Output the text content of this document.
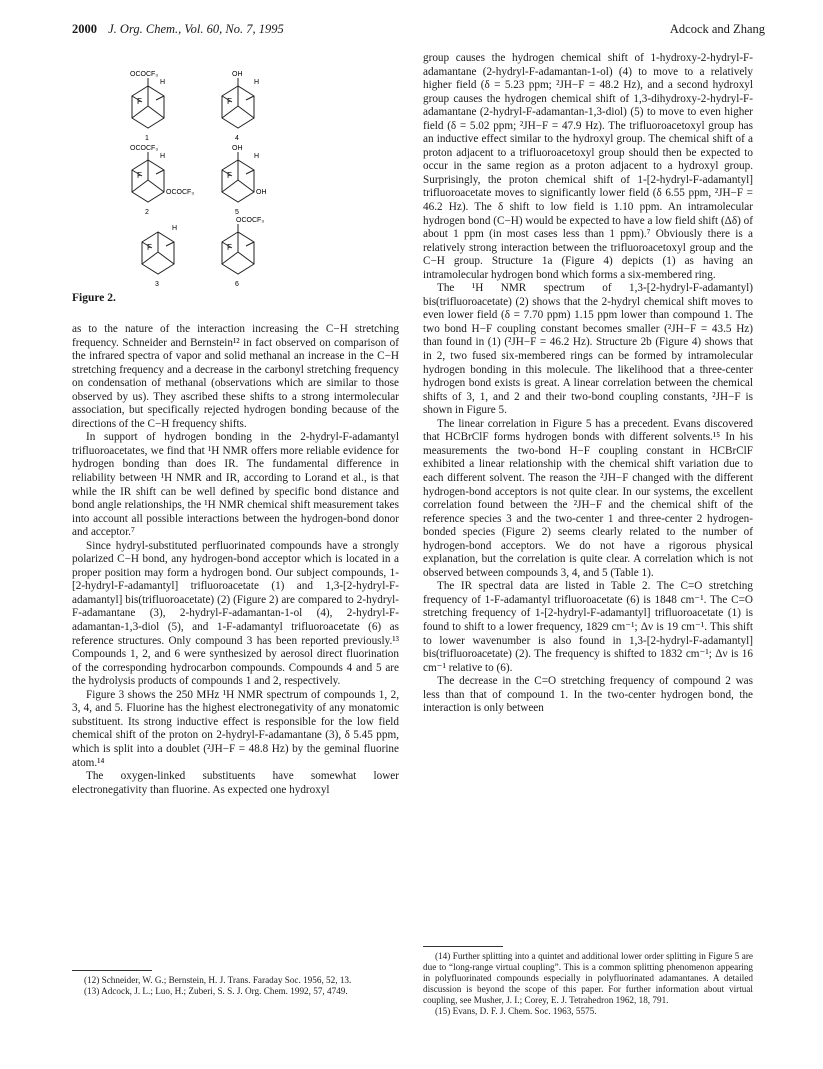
2000 J. Org. Chem., Vol. 60, No. 7, 1995	Adcock and Zhang
F
OCOCF₃
H
1
F
OH
H
4
F
OCOCF₃
H
OCOCF₃
2
F
OH
H
OH
5
F
H
3
F
OCOCF₃
6
Figure 2.

as to the nature of the interaction increasing the C−H stretching frequency. Schneider and Bernstein¹² in fact observed on comparison of the infrared spectra of vapor and solid methanal an increase in the C−H stretching frequency and a decrease in the carbonyl stretching frequency on condensation of methanal (observations which are similar to those observed by us). They ascribed these shifts to a strong intermolecular association, but specifically rejected hydrogen bonding because of the directions of the C−H frequency shifts.

In support of hydrogen bonding in the 2-hydryl-F-adamantyl trifluoroacetates, we find that ¹H NMR offers more reliable evidence for hydrogen bonding than does IR. The fundamental difference in reliability between ¹H NMR and IR, according to Lorand et al., is that while the IR shift can be well defined by specific bond distance and bond angle relationships, the ¹H NMR chemical shift measurement takes into account all possible interactions between the hydrogen-bond donor and acceptor.⁷

Since hydryl-substituted perfluorinated compounds have a strongly polarized C−H bond, any hydrogen-bond acceptor which is located in a proper position may form a hydrogen bond. Our subject compounds, 1-[2-hydryl-F-adamantyl] trifluoroacetate (1) and 1,3-[2-hydryl-F-adamantyl] bis(trifluoroacetate) (2) (Figure 2) are compared to 2-hydryl-F-adamantane (3), 2-hydryl-F-adamantan-1-ol (4), 2-hydryl-F-adamantan-1,3-diol (5), and 1-F-adamantyl trifluoroacetate (6) as reference structures. Only compound 3 has been reported previously.¹³ Compounds 1, 2, and 6 were synthesized by aerosol direct fluorination of the corresponding hydrocarbon compounds. Compounds 4 and 5 are the hydrolysis products of compounds 1 and 2, respectively.

Figure 3 shows the 250 MHz ¹H NMR spectrum of compounds 1, 2, 3, 4, and 5. Fluorine has the highest electronegativity of any monatomic substituent. Its strong inductive effect is responsible for the low field chemical shift of the proton on 2-hydryl-F-adamantane (3), δ 5.45 ppm, which is split into a doublet (²JH−F = 48.8 Hz) by the geminal fluorine atom.¹⁴

The oxygen-linked substituents have somewhat lower electronegativity than fluorine. As expected one hydroxyl

group causes the hydrogen chemical shift of 1-hydroxy-2-hydryl-F-adamantane (2-hydryl-F-adamantan-1-ol) (4) to move to a relatively higher field (δ = 5.23 ppm; ²JH−F = 48.2 Hz), and a second hydroxyl group causes the hydrogen chemical shift of 1,3-dihydroxy-2-hydryl-F-adamantane (2-hydryl-F-adamantan-1,3-diol) (5) to move to even higher field (δ = 5.02 ppm; ²JH−F = 47.9 Hz). The trifluoroacetoxyl group has an inductive effect similar to the hydroxyl group. The chemical shift of a proton adjacent to a trifluoroacetoxyl group should then be expected to occur in the same region as a proton adjacent to a hydroxyl group. Surprisingly, the proton chemical shift of 1-[2-hydryl-F-adamantyl] trifluoroacetate moves to significantly lower field (δ 6.55 ppm, ²JH−F = 46.2 Hz). The δ shift to low field is 1.10 ppm. An intramolecular hydrogen bond (C−H) would be expected to have a low field shift (Δδ) of about 1 ppm (in most cases less than 1 ppm).⁷ Obviously there is a relatively strong interaction between the trifluoroacetoxyl group and the C−H group. Structure 1a (Figure 4) depicts (1) as having an intramolecular hydrogen bond which forms a six-membered ring.

The ¹H NMR spectrum of 1,3-[2-hydryl-F-adamantyl) bis(trifluoroacetate) (2) shows that the 2-hydryl chemical shift moves to even lower field (δ = 7.70 ppm) 1.15 ppm lower than compound 1. The two bond H−F coupling constant becomes smaller (²JH−F = 43.5 Hz) than found in (1) (²JH−F = 46.2 Hz). Structure 2b (Figure 4) shows that in 2, two fused six-membered rings can be formed by intramolecular hydrogen bonding in this molecule. The likelihood that a three-center hydrogen bond exists is great. A linear correlation between the chemical shifts of 3, 1, and 2 and their two-bond coupling constants, ²JH−F is shown in Figure 5.

The linear correlation in Figure 5 has a precedent. Evans discovered that HCBrClF forms hydrogen bonds with different solvents.¹⁵ In his measurements the two-bond H−F coupling constant in HCBrClF exhibited a linear relationship with the chemical shift variation due to each different solvent. The reason the ²JH−F changed with the different hydrogen-bond acceptors is not quite clear. In our systems, the excellent correlation found between the ²JH−F and the chemical shift of the reference species 3 and the two-center 1 and three-center 2 hydrogen-bonded species (Figure 2) seems clearly related to the number of hydrogen-bond acceptors. We do not have a rigorous physical explanation, but the correlation is quite clear. A correlation which is not observed between compounds 3, 4, and 5 (Table 1).

The IR spectral data are listed in Table 2. The C=O stretching frequency of 1-F-adamantyl trifluoroacetate (6) is 1848 cm⁻¹. The C=O stretching frequency of 1-[2-hydryl-F-adamantyl] trifluoroacetate (1) is found to shift to a lower frequency, 1829 cm⁻¹; Δν is 19 cm⁻¹. This shift to lower wavenumber is also found in 1,3-[2-hydryl-F-adamantyl] bis(trifluoroacetate) (2). The frequency is shifted to 1832 cm⁻¹; Δν is 16 cm⁻¹ relative to (6).

The decrease in the C=O stretching frequency of compound 2 was less than that of compound 1. In the two-center hydrogen bond, the interaction is only between

(12) Schneider, W. G.; Bernstein, H. J. Trans. Faraday Soc. 1956, 52, 13.

(13) Adcock, J. L.; Luo, H.; Zuberi, S. S. J. Org. Chem. 1992, 57, 4749.

(14) Further splitting into a quintet and additional lower order splitting in Figure 5 are due to “long-range virtual coupling”. This is a common splitting phenomenon appearing in polyfluorinated compounds especially in polyfluorinated adamantanes. A detailed discussion is beyond the scope of this paper. For further information about virtual coupling, see Musher, J. I.; Corey, E. J. Tetrahedron 1962, 18, 791.

(15) Evans, D. F. J. Chem. Soc. 1963, 5575.
